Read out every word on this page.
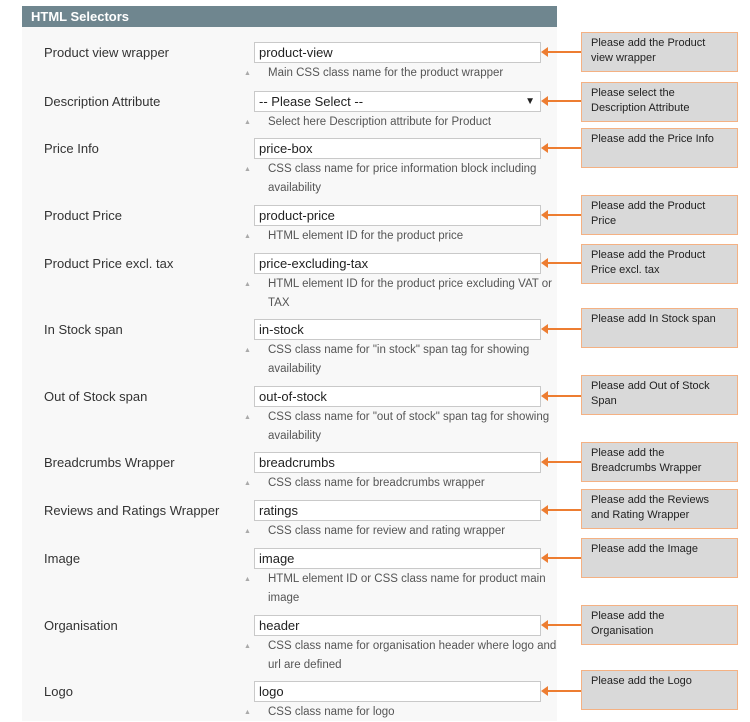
HTML Selectors
Product view wrapper	product-view
▲ Main CSS class name for the product wrapper
Please add the Product view wrapper
Description Attribute	-- Please Select --	▼
▲ Select here Description attribute for Product
Please select the Description Attribute
Price Info	price-box
▲ CSS class name for price information block including availability
Please add the Price Info
Product Price	product-price
▲ HTML element ID for the product price
Please add the Product Price
Product Price excl. tax	price-excluding-tax
▲ HTML element ID for the product price excluding VAT or TAX
Please add the Product Price excl. tax
In Stock span	in-stock
▲ CSS class name for "in stock" span tag for showing availability
Please add In Stock span
Out of Stock span	out-of-stock
▲ CSS class name for "out of stock" span tag for showing availability
Please add Out of Stock Span
Breadcrumbs Wrapper	breadcrumbs
▲ CSS class name for breadcrumbs wrapper
Please add the Breadcrumbs Wrapper
Reviews and Ratings Wrapper	ratings
▲ CSS class name for review and rating wrapper
Please add the Reviews and Rating Wrapper
Image	image
▲ HTML element ID or CSS class name for product main image
Please add the Image
Organisation	header
▲ CSS class name for organisation header where logo and url are defined
Please add the Organisation
Logo	logo
▲ CSS class name for logo
Please add the Logo
